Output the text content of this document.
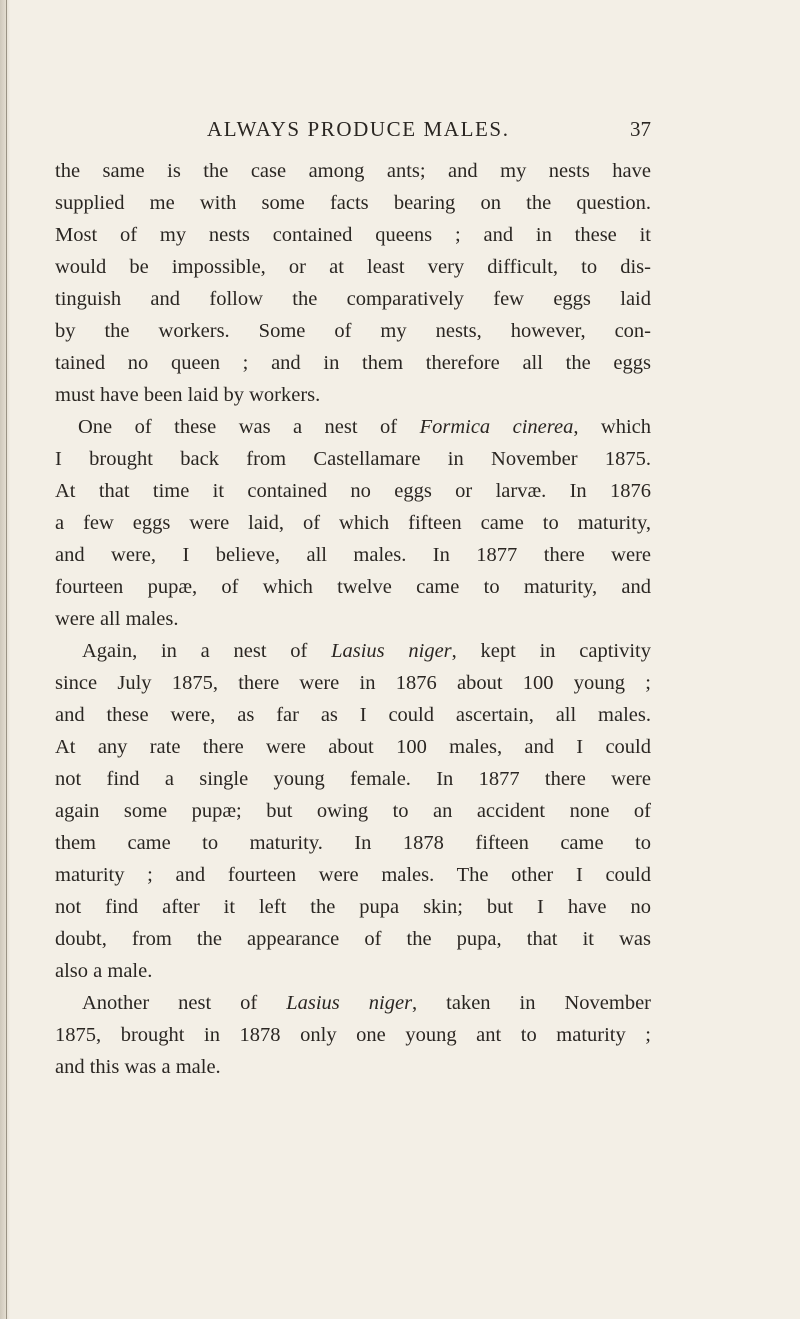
ALWAYS PRODUCE MALES.	37
the same is the case among ants; and my nests have
supplied me with some facts bearing on the question.
Most of my nests contained queens ; and in these it
would be impossible, or at least very difficult, to dis-
tinguish and follow the comparatively few eggs laid
by the workers. Some of my nests, however, con-
tained no queen ; and in them therefore all the eggs
must have been laid by workers.
One of these was a nest of Formica cinerea, which
I brought back from Castellamare in November 1875.
At that time it contained no eggs or larvæ. In 1876
a few eggs were laid, of which fifteen came to maturity,
and were, I believe, all males. In 1877 there were
fourteen pupæ, of which twelve came to maturity, and
were all males.
Again, in a nest of Lasius niger, kept in captivity
since July 1875, there were in 1876 about 100 young ;
and these were, as far as I could ascertain, all males.
At any rate there were about 100 males, and I could
not find a single young female. In 1877 there were
again some pupæ; but owing to an accident none of
them came to maturity. In 1878 fifteen came to
maturity ; and fourteen were males. The other I could
not find after it left the pupa skin; but I have no
doubt, from the appearance of the pupa, that it was
also a male.
Another nest of Lasius niger, taken in November
1875, brought in 1878 only one young ant to maturity ;
and this was a male.
